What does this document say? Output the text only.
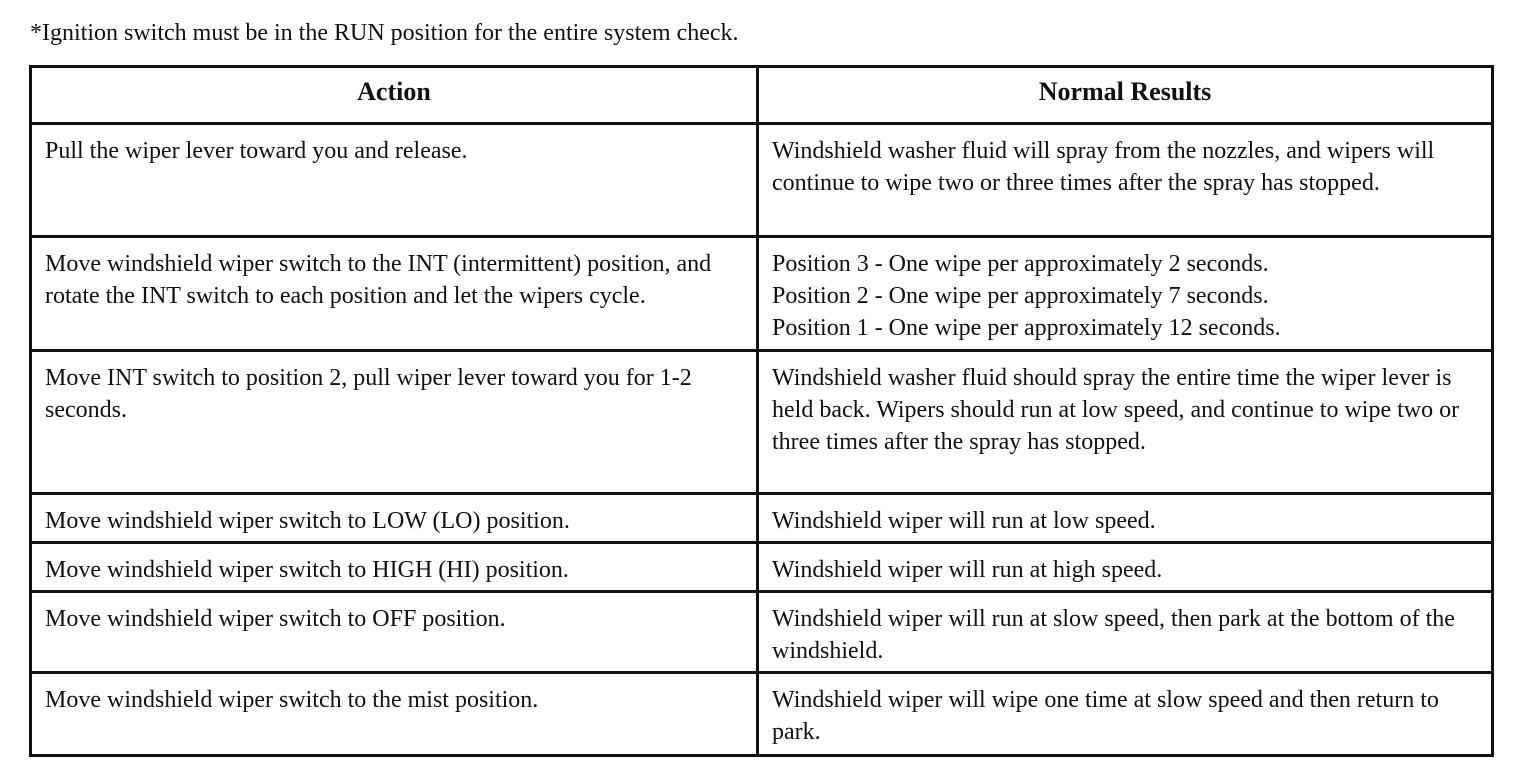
*Ignition switch must be in the RUN position for the entire system check.
Action	Normal Results
Pull the wiper lever toward you and release.	Windshield washer fluid will spray from the nozzles, and wipers will continue to wipe two or three times after the spray has stopped.

Move windshield wiper switch to the INT (intermittent) position, and rotate the INT switch to each position and let the wipers cycle.	Position 3 - One wipe per approximately 2 seconds.
Position 2 - One wipe per approximately 7 seconds.
Position 1 - One wipe per approximately 12 seconds.

Move INT switch to position 2, pull wiper lever toward you for 1-2 seconds.	Windshield washer fluid should spray the entire time the wiper lever is held back. Wipers should run at low speed, and continue to wipe two or three times after the spray has stopped.

Move windshield wiper switch to LOW (LO) position.	Windshield wiper will run at low speed.

Move windshield wiper switch to HIGH (HI) position.	Windshield wiper will run at high speed.

Move windshield wiper switch to OFF position.	Windshield wiper will run at slow speed, then park at the bottom of the windshield.

Move windshield wiper switch to the mist position.	Windshield wiper will wipe one time at slow speed and then return to park.
